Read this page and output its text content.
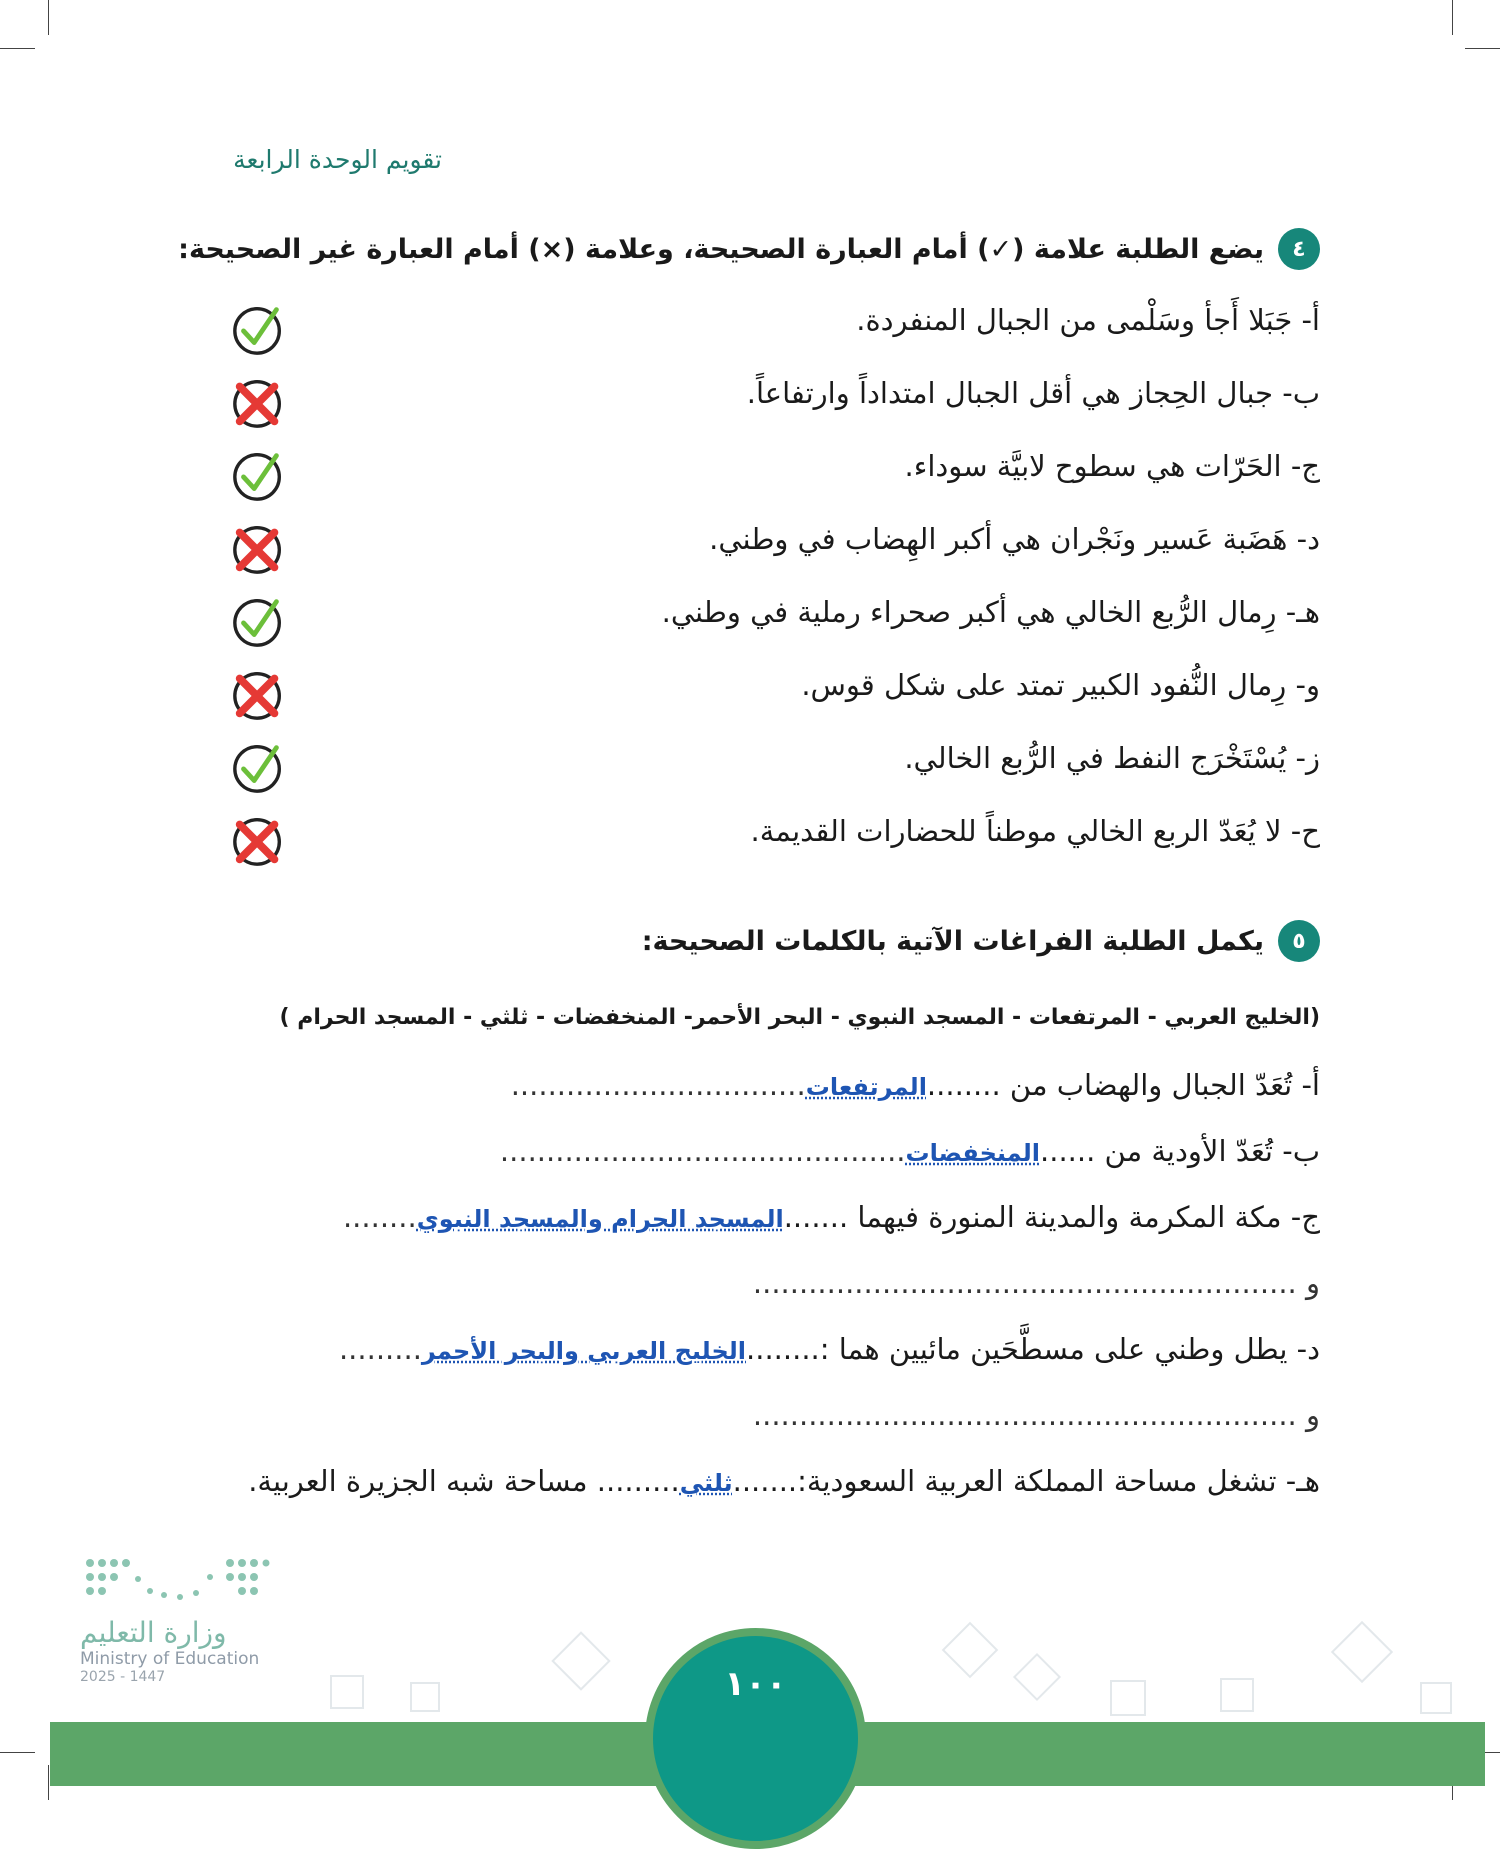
تقويم الوحدة الرابعة
٤
يضع الطلبة علامة (✓) أمام العبارة الصحيحة، وعلامة (×) أمام العبارة غير الصحيحة:
أ- جَبَلا أَجأ وسَلْمى من الجبال المنفردة.
ب- جبال الحِجاز هي أقل الجبال امتداداً وارتفاعاً.
ج- الحَرّات هي سطوح لابيَّة سوداء.
د- هَضَبة عَسير ونَجْران هي أكبر الهِضاب في وطني.
هـ- رِمال الرُّبع الخالي هي أكبر صحراء رملية في وطني.
و- رِمال النُّفود الكبير تمتد على شكل قوس.
ز- يُسْتَخْرَج النفط في الرُّبع الخالي.
ح- لا يُعَدّ الربع الخالي موطناً للحضارات القديمة.
٥
يكمل الطلبة الفراغات الآتية بالكلمات الصحيحة:
(الخليج العربي - المرتفعات - المسجد النبوي - البحر الأحمر- المنخفضات - ثلثي - المسجد الحرام )
أ- تُعَدّ الجبال والهضاب من ........المرتفعات................................
ب- تُعَدّ الأودية من ......المنخفضات............................................
ج- مكة المكرمة والمدينة المنورة فيهما .......المسجد الحرام والمسجد النبوي........
و ...........................................................
د- يطل وطني على مسطَّحَين مائيين هما :........الخليج العربي والبحر الأحمر.........
و ...........................................................
هـ- تشغل مساحة المملكة العربية السعودية:.......ثلثي......... مساحة شبه الجزيرة العربية.
١٠٠
وزارة التعليم
Ministry of Education
2025 - 1447
